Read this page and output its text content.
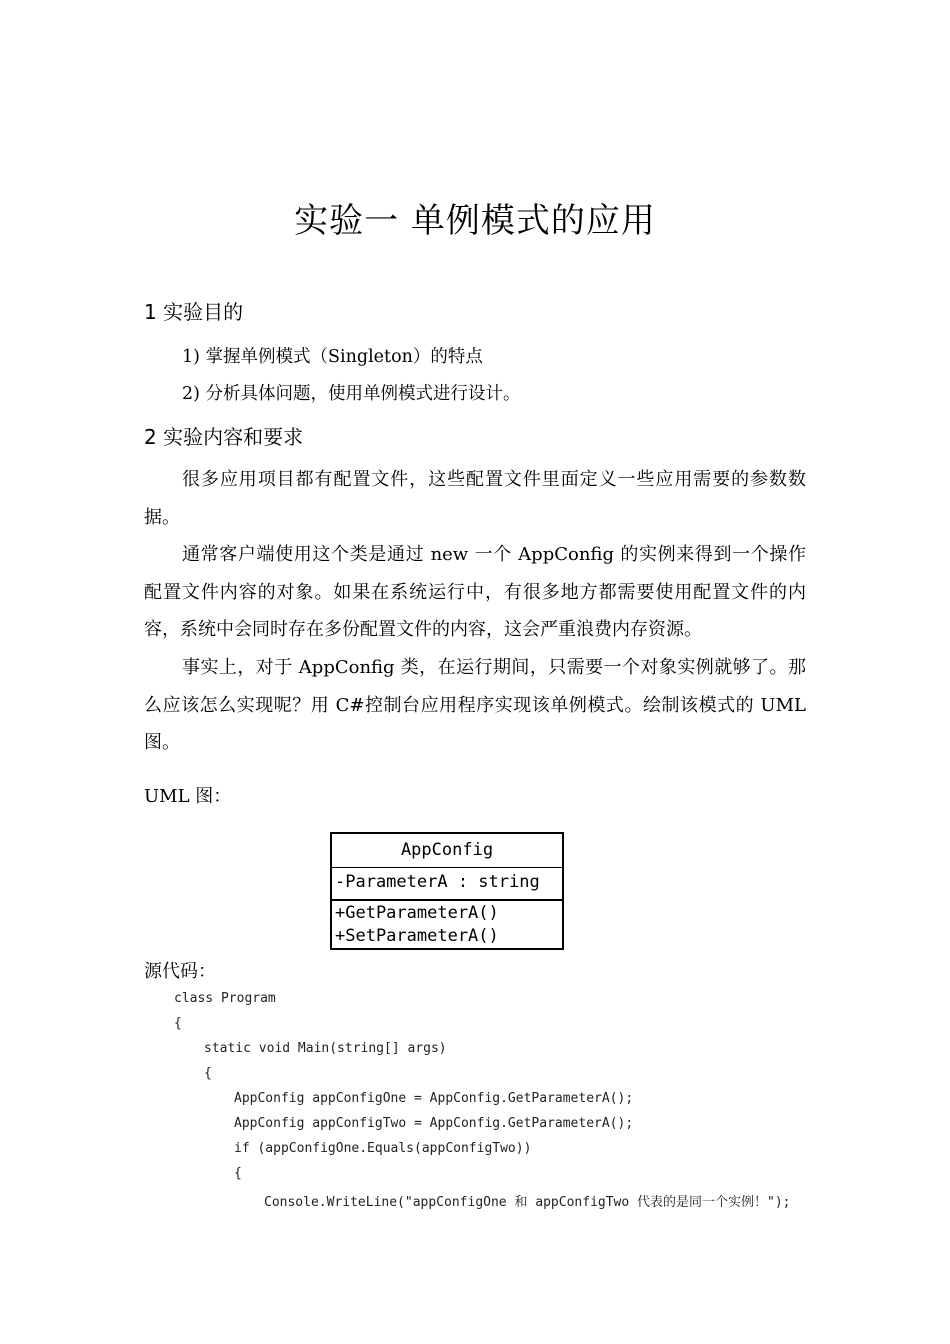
实验一 单例模式的应用
1 实验目的
1) 掌握单例模式（Singleton）的特点
2) 分析具体问题，使用单例模式进行设计。
2 实验内容和要求
很多应用项目都有配置文件，这些配置文件里面定义一些应用需要的参数数据。
通常客户端使用这个类是通过 new 一个 AppConfig 的实例来得到一个操作配置文件内容的对象。如果在系统运行中，有很多地方都需要使用配置文件的内容，系统中会同时存在多份配置文件的内容，这会严重浪费内存资源。
事实上，对于 AppConfig 类，在运行期间，只需要一个对象实例就够了。那么应该怎么实现呢？用 C#控制台应用程序实现该单例模式。绘制该模式的 UML 图。
UML 图：
AppConfig
-ParameterA : string
+GetParameterA()
+SetParameterA()
源代码：
class Program
{
static void Main(string[] args)
{
AppConfig appConfigOne = AppConfig.GetParameterA();
AppConfig appConfigTwo = AppConfig.GetParameterA();
if (appConfigOne.Equals(appConfigTwo))
{
Console.WriteLine("appConfigOne 和 appConfigTwo 代表的是同一个实例！");
